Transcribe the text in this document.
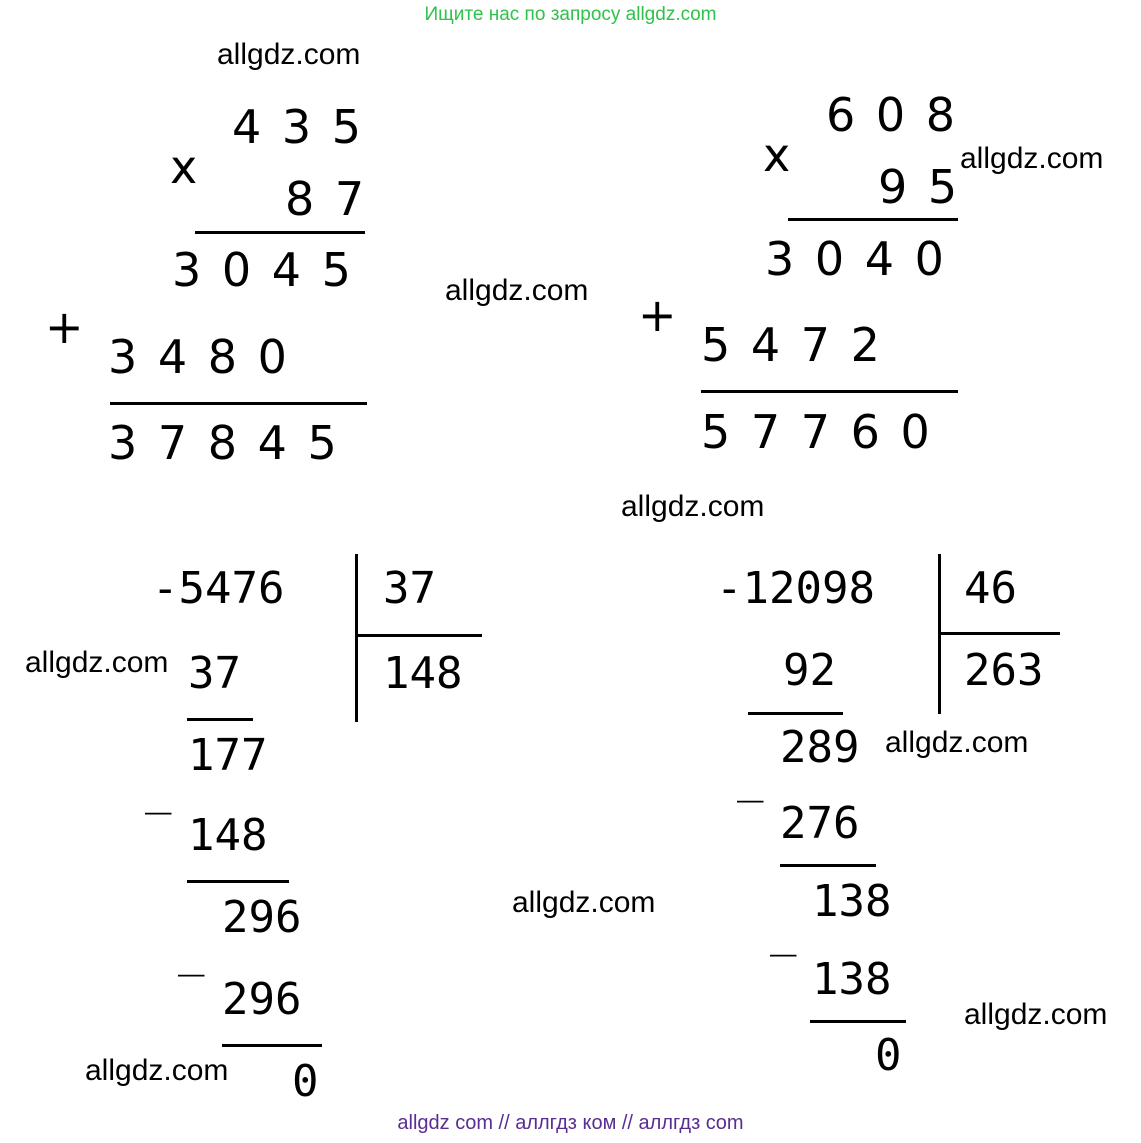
Ищите нас по запросу allgdz.com
x
4 3 5
8 7
3 0 4 5
+
3 4 8 0
3 7 8 4 5
x
6 0 8
9 5
3 0 4 0
+
5 4 7 2
5 7 7 6 0
-5476 37
148
37
177
_
148
296
_
296
0
-12098 46
263
92
289
_
276
138
_
138
0
allgdz.com
allgdz.com
allgdz.com
allgdz.com
allgdz.com
allgdz.com
allgdz.com
allgdz.com
allgdz.com
allgdz com // аллгдз ком // аллгдз com
